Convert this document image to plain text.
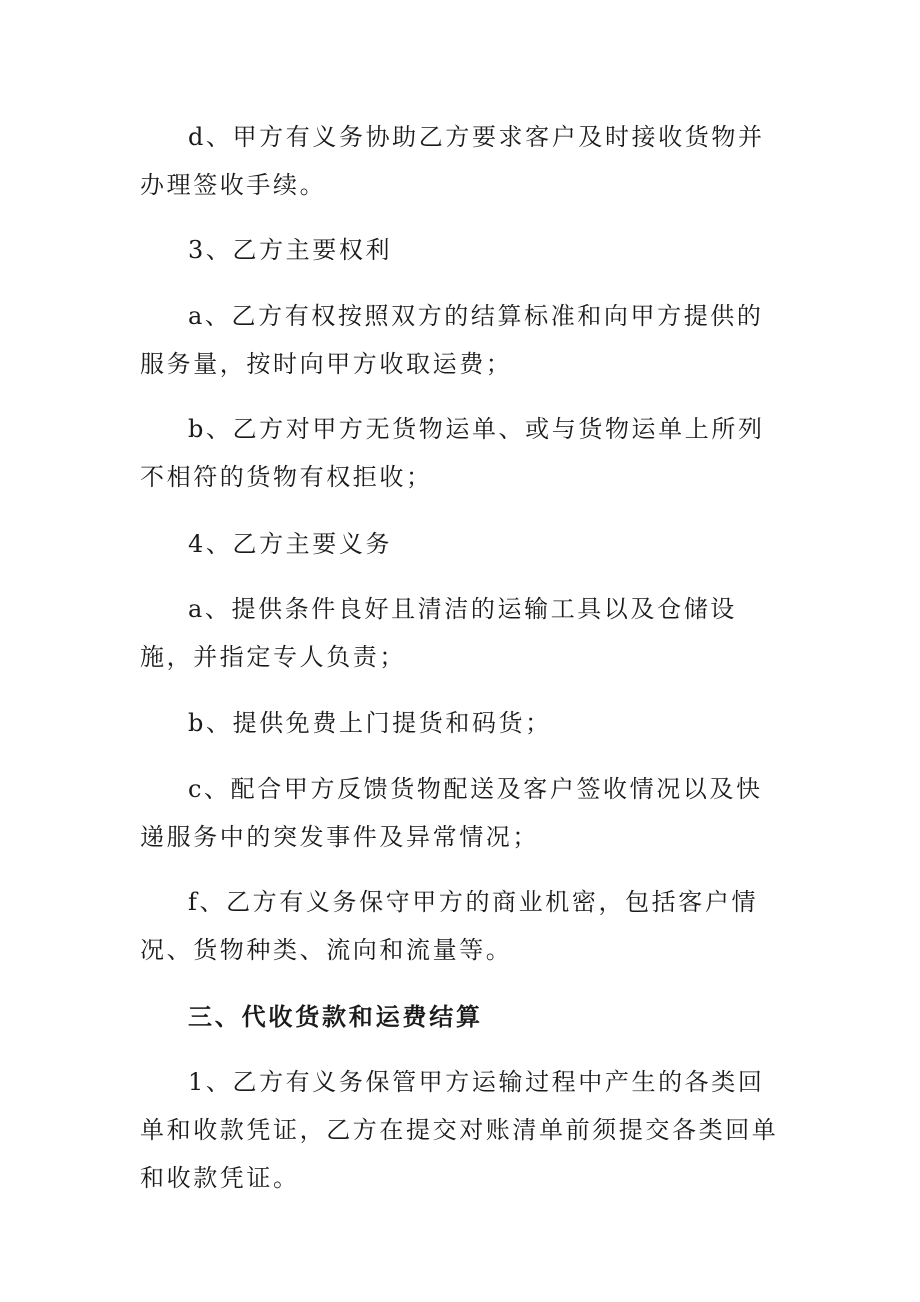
d、甲方有义务协助乙方要求客户及时接收货物并办理签收手续。

3、乙方主要权利

a、乙方有权按照双方的结算标准和向甲方提供的服务量，按时向甲方收取运费；

b、乙方对甲方无货物运单、或与货物运单上所列不相符的货物有权拒收；

4、乙方主要义务

a、提供条件良好且清洁的运输工具以及仓储设施，并指定专人负责；

b、提供免费上门提货和码货；

c、配合甲方反馈货物配送及客户签收情况以及快递服务中的突发事件及异常情况；

f、乙方有义务保守甲方的商业机密，包括客户情况、货物种类、流向和流量等。

三、代收货款和运费结算

1、乙方有义务保管甲方运输过程中产生的各类回单和收款凭证，乙方在提交对账清单前须提交各类回单和收款凭证。
